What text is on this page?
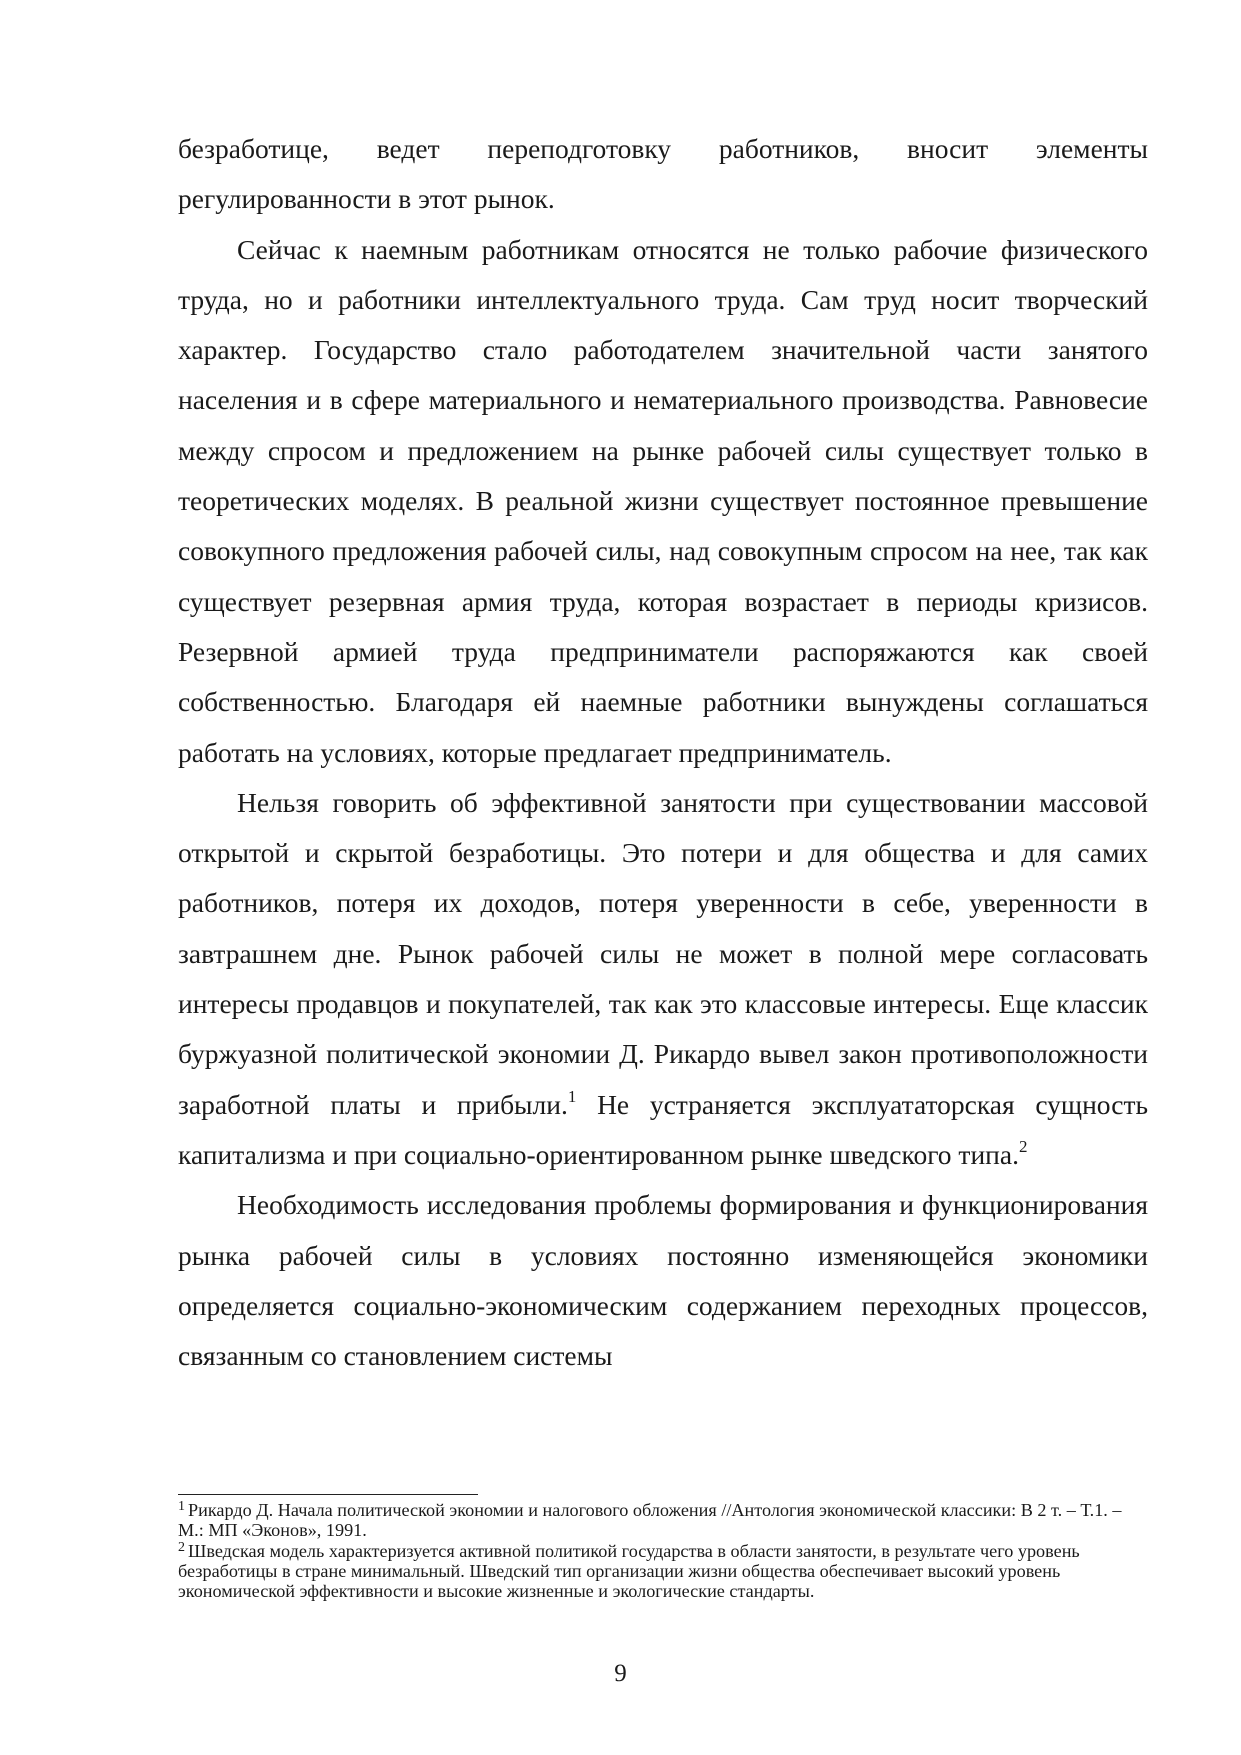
безработице, ведет переподготовку работников, вносит элементы регулированности в этот рынок.

Сейчас к наемным работникам относятся не только рабочие физического труда, но и работники интеллектуального труда. Сам труд носит творческий характер. Государство стало работодателем значительной части занятого населения и в сфере материального и нематериального производства. Равновесие между спросом и предложением на рынке рабочей силы существует только в теоретических моделях. В реальной жизни существует постоянное превышение совокупного предложения рабочей силы, над совокупным спросом на нее, так как существует резервная армия труда, которая возрастает в периоды кризисов. Резервной армией труда предприниматели распоряжаются как своей собственностью. Благодаря ей наемные работники вынуждены соглашаться работать на условиях, которые предлагает предприниматель.

Нельзя говорить об эффективной занятости при существовании массовой открытой и скрытой безработицы. Это потери и для общества и для самих работников, потеря их доходов, потеря уверенности в себе, уверенности в завтрашнем дне. Рынок рабочей силы не может в полной мере согласовать интересы продавцов и покупателей, так как это классовые интересы. Еще классик буржуазной политической экономии Д. Рикардо вывел закон противоположности заработной платы и прибыли.$^1$ Не устраняется эксплуататорская сущность капитализма и при социально-ориентированном рынке шведского типа.$^2$

Необходимость исследования проблемы формирования и функционирования рынка рабочей силы в условиях постоянно изменяющейся экономики определяется социально-экономическим содержанием переходных процессов, связанным со становлением системы

$^1$ Рикардо Д. Начала политической экономии и налогового обложения //Антология экономической классики: В 2 т. – Т.1. – М.: МП «Эконов», 1991.

$^2$ Шведская модель характеризуется активной политикой государства в области занятости, в результате чего уровень безработицы в стране минимальный. Шведский тип организации жизни общества обеспечивает высокий уровень экономической эффективности и высокие жизненные и экологические стандарты.

9
